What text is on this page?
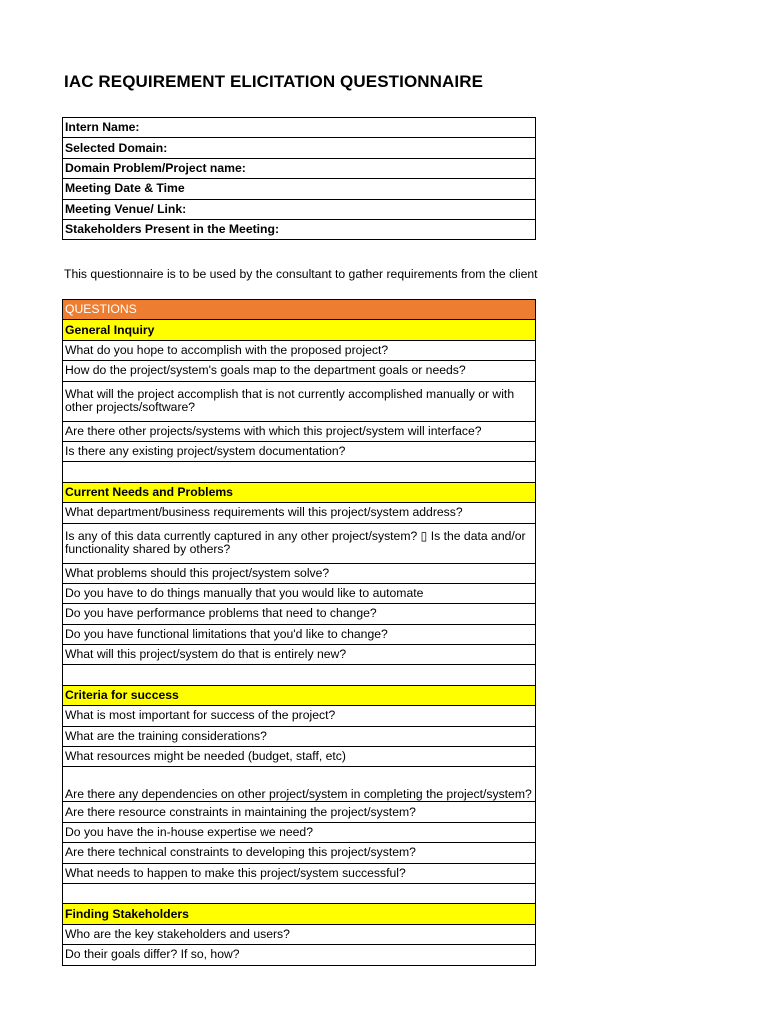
IAC REQUIREMENT ELICITATION QUESTIONNAIRE
Intern Name:
Selected Domain:
Domain Problem/Project name:
Meeting Date & Time
Meeting Venue/ Link:
Stakeholders Present in the Meeting:
This questionnaire is to be used by the consultant to gather requirements from the client
QUESTIONS
General Inquiry
What do you hope to accomplish with the proposed project?
How do the project/system's goals map to the department goals or needs?
What will the project accomplish that is not currently accomplished manually or with other projects/software?
Are there other projects/systems with which this project/system will interface?
Is there any existing project/system documentation?

Current Needs and Problems
What department/business requirements will this project/system address?
Is any of this data currently captured in any other project/system? ▯ Is the data and/or functionality shared by others?
What problems should this project/system solve?
Do you have to do things manually that you would like to automate
Do you have performance problems that need to change?
Do you have functional limitations that you'd like to change?
What will this project/system do that is entirely new?

Criteria for success
What is most important for success of the project?
What are the training considerations?
What resources might be needed (budget, staff, etc)

Are there any dependencies on other project/system in completing the project/system?

Are there resource constraints in maintaining the project/system?
Do you have the in-house expertise we need?
Are there technical constraints to developing this project/system?
What needs to happen to make this project/system successful?

Finding Stakeholders
Who are the key stakeholders and users?
Do their goals differ? If so, how?
